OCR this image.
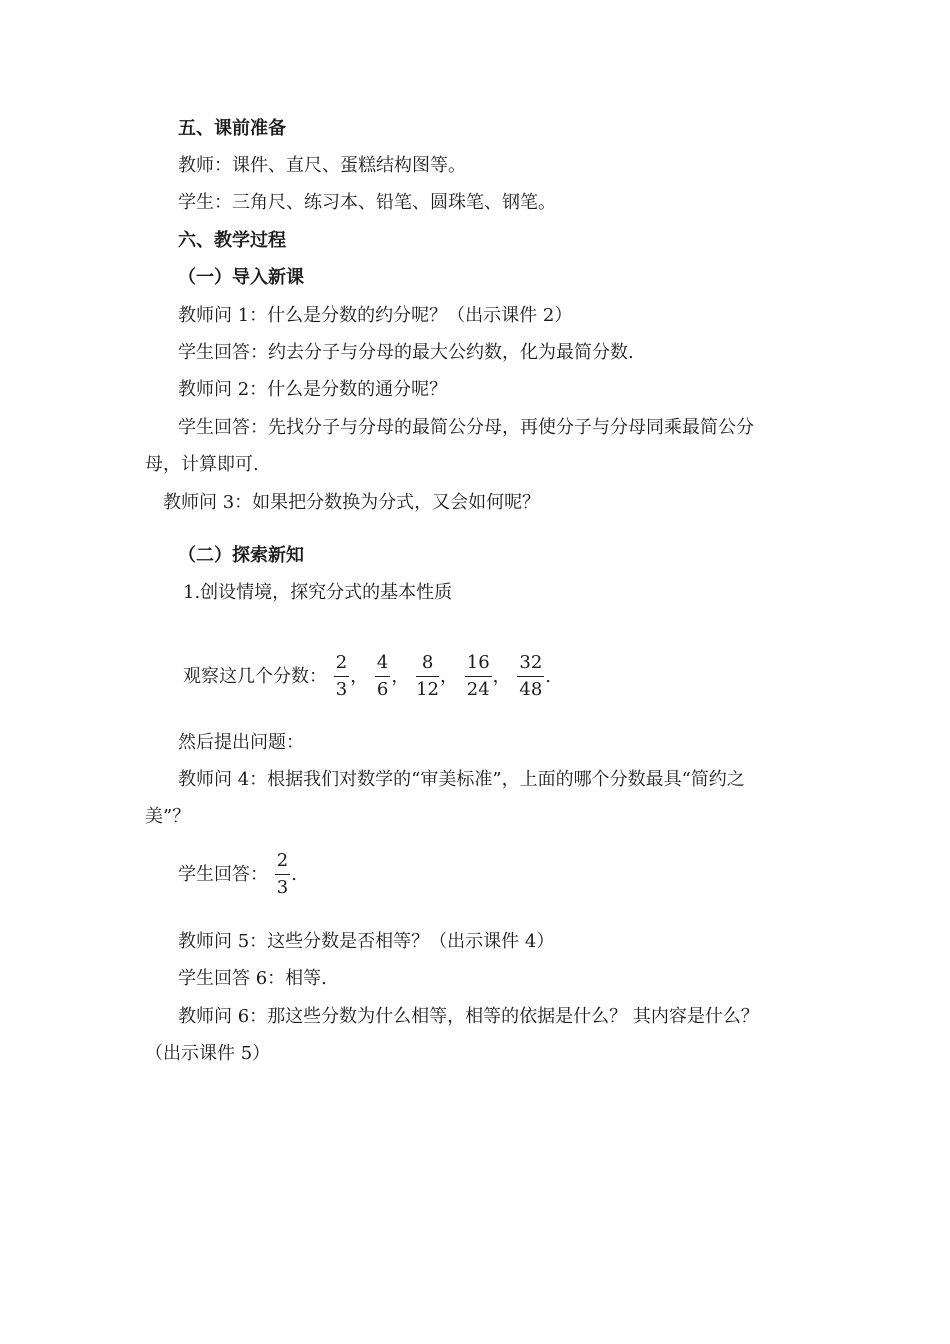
五、课前准备
教师：课件、直尺、蛋糕结构图等。
学生：三角尺、练习本、铅笔、圆珠笔、钢笔。
六、教学过程
（一）导入新课
教师问 1：什么是分数的约分呢？（出示课件 2）
学生回答：约去分子与分母的最大公约数，化为最简分数.
教师问 2：什么是分数的通分呢？
学生回答：先找分子与分母的最简公分母，再使分子与分母同乘最简公分
母，计算即可.
教师问 3：如果把分数换为分式，又会如何呢？
（二）探索新知
1.创设情境，探究分式的基本性质
观察这几个分数： $\frac{2}{3}$ ， $\frac{4}{6}$ ， $\frac{8}{12}$ ， $\frac{16}{24}$ ， $\frac{32}{48}$ .
然后提出问题：
教师问 4：根据我们对数学的“审美标准”，上面的哪个分数最具“简约之
美”？
学生回答： $\frac{2}{3}$ .
教师问 5：这些分数是否相等？（出示课件 4）
学生回答 6：相等.
教师问 6：那这些分数为什么相等，相等的依据是什么？ 其内容是什么？
（出示课件 5）
